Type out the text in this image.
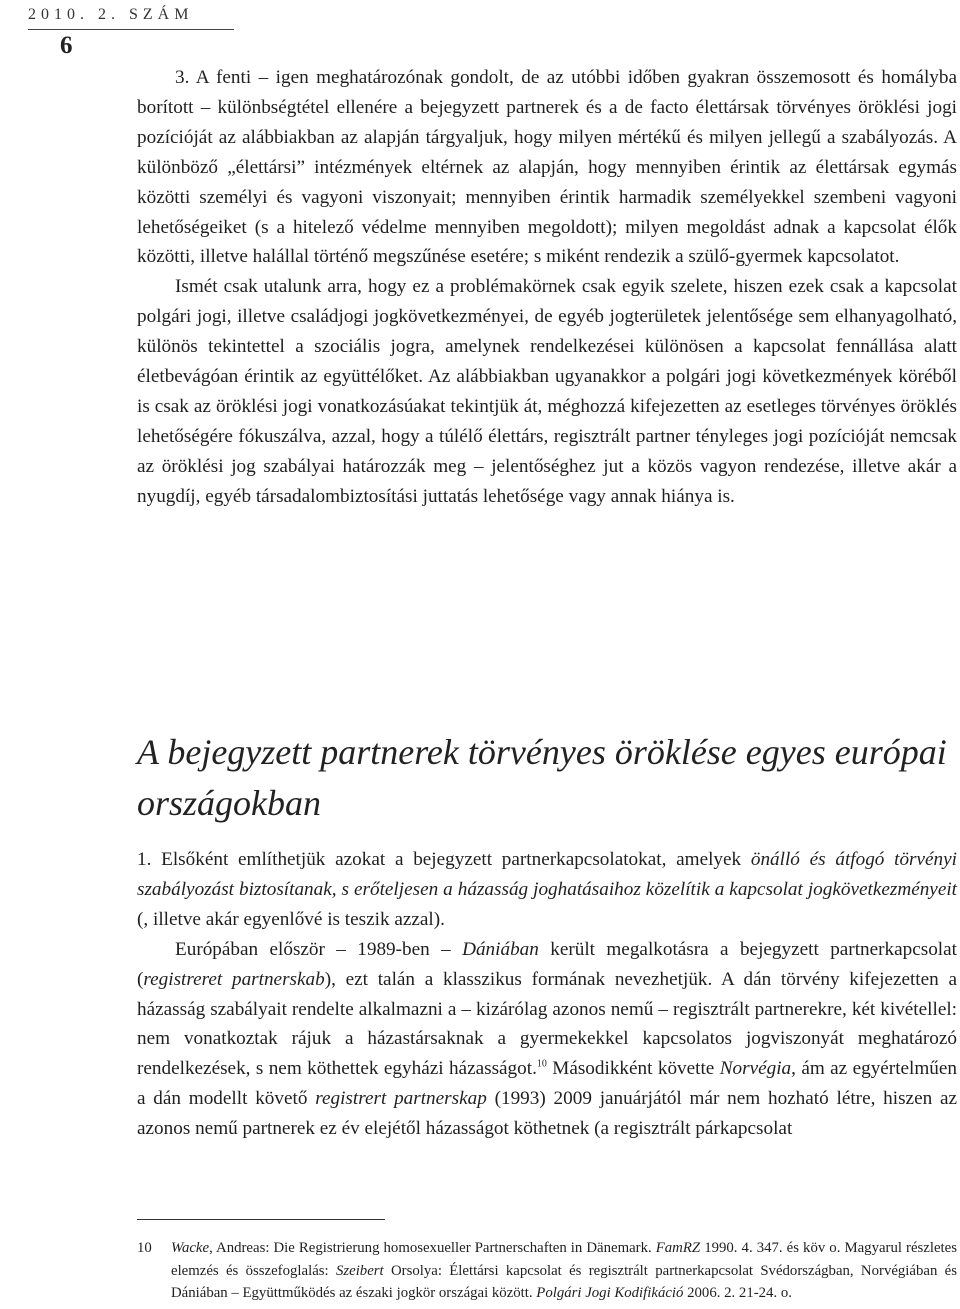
2010. 2. SZÁM
6

3. A fenti – igen meghatározónak gondolt, de az utóbbi időben gyakran összemosott és homályba borított – különbségtétel ellenére a bejegyzett partnerek és a de facto élettársak törvényes öröklési jogi pozícióját az alábbiakban az alapján tárgyaljuk, hogy milyen mértékű és milyen jellegű a szabályozás. A különböző „élettársi” intézmények eltérnek az alapján, hogy mennyiben érintik az élettársak egymás közötti személyi és vagyoni viszonyait; mennyiben érintik harmadik személyekkel szembeni vagyoni lehetőségeiket (s a hitelező védelme mennyiben megoldott); milyen megoldást adnak a kapcsolat élők közötti, illetve halállal történő megszűnése esetére; s miként rendezik a szülő-gyermek kapcsolatot.

Ismét csak utalunk arra, hogy ez a problémakörnek csak egyik szelete, hiszen ezek csak a kapcsolat polgári jogi, illetve családjogi jogkövetkezményei, de egyéb jogterületek jelentősége sem elhanyagolható, különös tekintettel a szociális jogra, amelynek rendelkezései különösen a kapcsolat fennállása alatt életbevágóan érintik az együttélőket. Az alábbiakban ugyanakkor a polgári jogi következmények köréből is csak az öröklési jogi vonatkozásúakat tekintjük át, méghozzá kifejezetten az esetleges törvényes öröklés lehetőségére fókuszálva, azzal, hogy a túlélő élettárs, regisztrált partner tényleges jogi pozícióját nemcsak az öröklési jog szabályai határozzák meg – jelentőséghez jut a közös vagyon rendezése, illetve akár a nyugdíj, egyéb társadalombiztosítási juttatás lehetősége vagy annak hiánya is.

A bejegyzett partnerek törvényes öröklése egyes európai országokban

1. Elsőként említhetjük azokat a bejegyzett partnerkapcsolatokat, amelyek önálló és átfogó törvényi szabályozást biztosítanak, s erőteljesen a házasság joghatásaihoz közelítik a kapcsolat jogkövetkezményeit (, illetve akár egyenlővé is teszik azzal).

Európában először – 1989-ben – Dániában került megalkotásra a bejegyzett partnerkapcsolat (registreret partnerskab), ezt talán a klasszikus formának nevezhetjük. A dán törvény kifejezetten a házasság szabályait rendelte alkalmazni a – kizárólag azonos nemű – regisztrált partnerekre, két kivétellel: nem vonatkoztak rájuk a házastársaknak a gyermekekkel kapcsolatos jogviszonyát meghatározó rendelkezések, s nem köthettek egyházi házasságot.$^{10}$ Másodikként követte Norvégia, ám az egyértelműen a dán modellt követő registrert partnerskap (1993) 2009 januárjától már nem hozható létre, hiszen az azonos nemű partnerek ez év elejétől házasságot köthetnek (a regisztrált párkapcsolat

10 Wacke, Andreas: Die Registrierung homosexueller Partnerschaften in Dänemark. FamRZ 1990. 4. 347. és köv o. Magyarul részletes elemzés és összefoglalás: Szeibert Orsolya: Élettársi kapcsolat és regisztrált partnerkapcsolat Svédországban, Norvégiában és Dániában – Együttműködés az északi jogkör országai között. Polgári Jogi Kodifikáció 2006. 2. 21-24. o.
